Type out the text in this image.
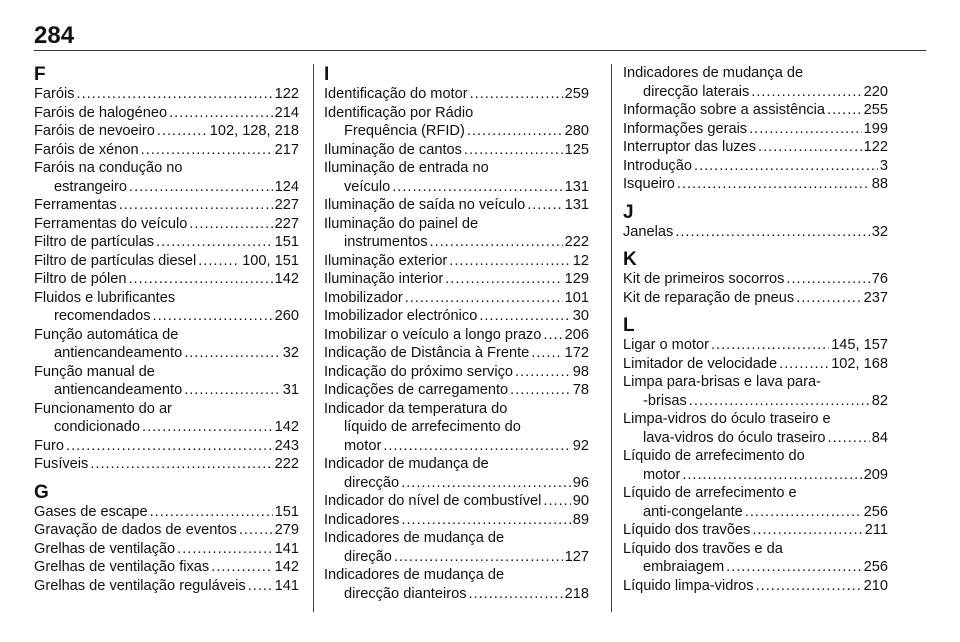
284
F
Faróis .....	122
Faróis de halogéneo .....	214
Faróis de nevoeiro .....	102, 128, 218
Faróis de xénon .....	217
Faróis na condução no
estrangeiro .....	124
Ferramentas .....	227
Ferramentas do veículo .....	227
Filtro de partículas .....	151
Filtro de partículas diesel .....	100, 151
Filtro de pólen .....	142
Fluidos e lubrificantes
recomendados .....	260
Função automática de
antiencandeamento .....	32
Função manual de
antiencandeamento .....	31
Funcionamento do ar
condicionado .....	142
Furo .....	243
Fusíveis .....	222
G
Gases de escape .....	151
Gravação de dados de eventos .....	279
Grelhas de ventilação .....	141
Grelhas de ventilação fixas .....	142
Grelhas de ventilação reguláveis ..... 141
I
Identificação do motor .....	259
Identificação por Rádio
Frequência (RFID) .....	280
Iluminação de cantos .....	125
Iluminação de entrada no
veículo .....	131
Iluminação de saída no veículo .....	131
Iluminação do painel de
instrumentos .....	222
Iluminação exterior .....	12
Iluminação interior .....	129
Imobilizador .....	101
Imobilizador electrónico .....	30
Imobilizar o veículo a longo prazo ..... 206
Indicação de Distância à Frente ..... 172
Indicação do próximo serviço .....	98
Indicações de carregamento .....	78
Indicador da temperatura do
líquido de arrefecimento do
motor .....	92
Indicador de mudança de
direcção .....	96
Indicador do nível de combustível ..... 90
Indicadores .....	89
Indicadores de mudança de
direção .....	127
Indicadores de mudança de
direcção dianteiros .....	218
Indicadores de mudança de
direcção laterais .....	220
Informação sobre a assistência .....	255
Informações gerais .....	199
Interruptor das luzes .....	122
Introdução .....	3
Isqueiro .....	88
J
Janelas .....	32
K
Kit de primeiros socorros .....	76
Kit de reparação de pneus .....	237
L
Ligar o motor .....	145, 157
Limitador de velocidade .....	102, 168
Limpa para-brisas e lava para-
-brisas .....	82
Limpa-vidros do óculo traseiro e
lava-vidros do óculo traseiro .....	84
Líquido de arrefecimento do
motor .....	209
Líquido de arrefecimento e
anti-congelante .....	256
Líquido dos travões .....	211
Líquido dos travões e da
embraiagem .....	256
Líquido limpa-vidros .....	210
